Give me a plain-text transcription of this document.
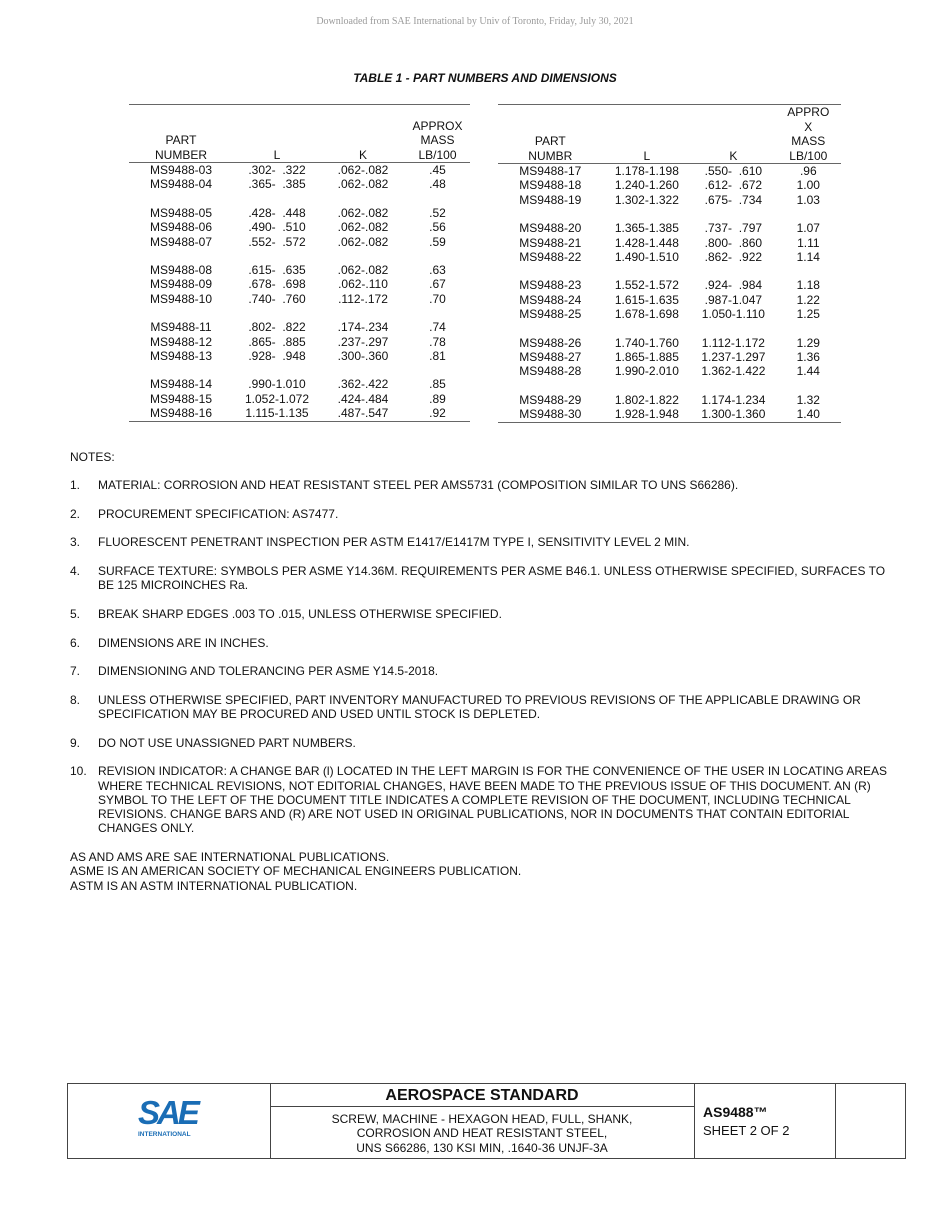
Downloaded from SAE International by Univ of Toronto, Friday, July 30, 2021
TABLE 1 - PART NUMBERS AND DIMENSIONS
PART
NUMBER	L	K	APPROX
MASS
LB/100

MS9488-03	.302-  .322	.062-.082	.45
MS9488-04	.365-  .385	.062-.082	.48

MS9488-05	.428-  .448	.062-.082	.52
MS9488-06	.490-  .510	.062-.082	.56
MS9488-07	.552-  .572	.062-.082	.59

MS9488-08	.615-  .635	.062-.082	.63
MS9488-09	.678-  .698	.062-.110	.67
MS9488-10	.740-  .760	.112-.172	.70

MS9488-11	.802-  .822	.174-.234	.74
MS9488-12	.865-  .885	.237-.297	.78
MS9488-13	.928-  .948	.300-.360	.81

MS9488-14	.990-1.010	.362-.422	.85
MS9488-15	1.052-1.072	.424-.484	.89
MS9488-16	1.115-1.135	.487-.547	.92
PART
NUMBR	L	K	APPRO
X
MASS
LB/100
MS9488-17	1.178-1.198	.550-  .610	.96
MS9488-18	1.240-1.260	.612-  .672	1.00
MS9488-19	1.302-1.322	.675-  .734	1.03

MS9488-20	1.365-1.385	.737-  .797	1.07
MS9488-21	1.428-1.448	.800-  .860	1.11
MS9488-22	1.490-1.510	.862-  .922	1.14

MS9488-23	1.552-1.572	.924-  .984	1.18
MS9488-24	1.615-1.635	.987-1.047	1.22
MS9488-25	1.678-1.698	1.050-1.110	1.25

MS9488-26	1.740-1.760	1.112-1.172	1.29
MS9488-27	1.865-1.885	1.237-1.297	1.36
MS9488-28	1.990-2.010	1.362-1.422	1.44

MS9488-29	1.802-1.822	1.174-1.234	1.32
MS9488-30	1.928-1.948	1.300-1.360	1.40
NOTES:
1.	MATERIAL: CORROSION AND HEAT RESISTANT STEEL PER AMS5731 (COMPOSITION SIMILAR TO UNS S66286).
2.	PROCUREMENT SPECIFICATION: AS7477.
3.	FLUORESCENT PENETRANT INSPECTION PER ASTM E1417/E1417M TYPE I, SENSITIVITY LEVEL 2 MIN.
4.	SURFACE TEXTURE: SYMBOLS PER ASME Y14.36M. REQUIREMENTS PER ASME B46.1. UNLESS OTHERWISE SPECIFIED, SURFACES TO BE 125 MICROINCHES Ra.
5.	BREAK SHARP EDGES .003 TO .015, UNLESS OTHERWISE SPECIFIED.
6.	DIMENSIONS ARE IN INCHES.
7.	DIMENSIONING AND TOLERANCING PER ASME Y14.5-2018.
8.	UNLESS OTHERWISE SPECIFIED, PART INVENTORY MANUFACTURED TO PREVIOUS REVISIONS OF THE APPLICABLE DRAWING OR SPECIFICATION MAY BE PROCURED AND USED UNTIL STOCK IS DEPLETED.
9.	DO NOT USE UNASSIGNED PART NUMBERS.
10. REVISION INDICATOR: A CHANGE BAR (l) LOCATED IN THE LEFT MARGIN IS FOR THE CONVENIENCE OF THE USER IN LOCATING AREAS WHERE TECHNICAL REVISIONS, NOT EDITORIAL CHANGES, HAVE BEEN MADE TO THE PREVIOUS ISSUE OF THIS DOCUMENT. AN (R) SYMBOL TO THE LEFT OF THE DOCUMENT TITLE INDICATES A COMPLETE REVISION OF THE DOCUMENT, INCLUDING TECHNICAL REVISIONS. CHANGE BARS AND (R) ARE NOT USED IN ORIGINAL PUBLICATIONS, NOR IN DOCUMENTS THAT CONTAIN EDITORIAL CHANGES ONLY.
AS AND AMS ARE SAE INTERNATIONAL PUBLICATIONS.
ASME IS AN AMERICAN SOCIETY OF MECHANICAL ENGINEERS PUBLICATION.
ASTM IS AN ASTM INTERNATIONAL PUBLICATION.
SAE
INTERNATIONAL
AEROSPACE STANDARD
SCREW, MACHINE - HEXAGON HEAD, FULL, SHANK,
CORROSION AND HEAT RESISTANT STEEL,
UNS S66286, 130 KSI MIN, .1640-36 UNJF-3A
AS9488™
SHEET 2 OF 2
